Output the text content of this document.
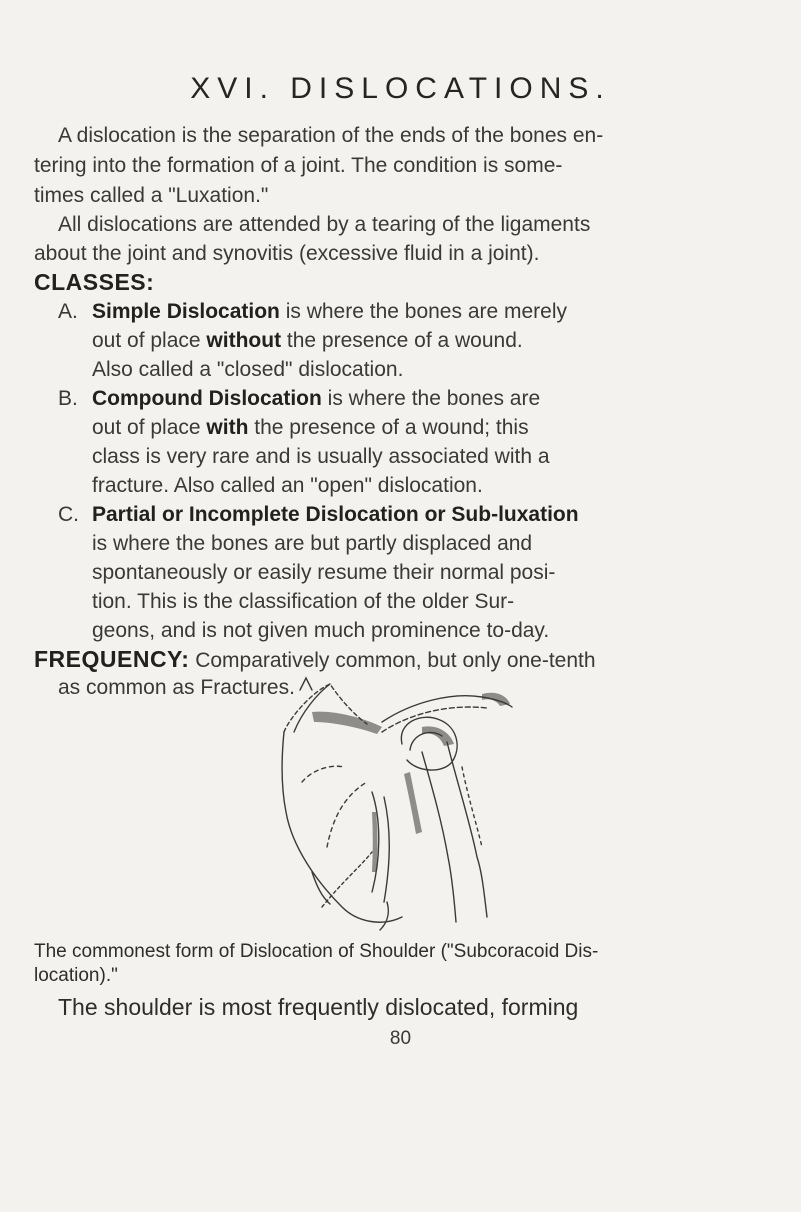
XVI. DISLOCATIONS.
A dislocation is the separation of the ends of the bones en-
tering into the formation of a joint. The condition is some-
times called a "Luxation."
All dislocations are attended by a tearing of the ligaments
about the joint and synovitis (excessive fluid in a joint).
CLASSES:
A. Simple Dislocation is where the bones are merely
out of place without the presence of a wound.
Also called a "closed" dislocation.
B. Compound Dislocation is where the bones are
out of place with the presence of a wound; this
class is very rare and is usually associated with a
fracture. Also called an "open" dislocation.
C. Partial or Incomplete Dislocation or Sub-luxation
is where the bones are but partly displaced and
spontaneously or easily resume their normal posi-
tion. This is the classification of the older Sur-
geons, and is not given much prominence to-day.
FREQUENCY: Comparatively common, but only one-tenth
as common as Fractures.
The commonest form of Dislocation of Shoulder ("Subcoracoid Dis-
location)."
The shoulder is most frequently dislocated, forming
80
